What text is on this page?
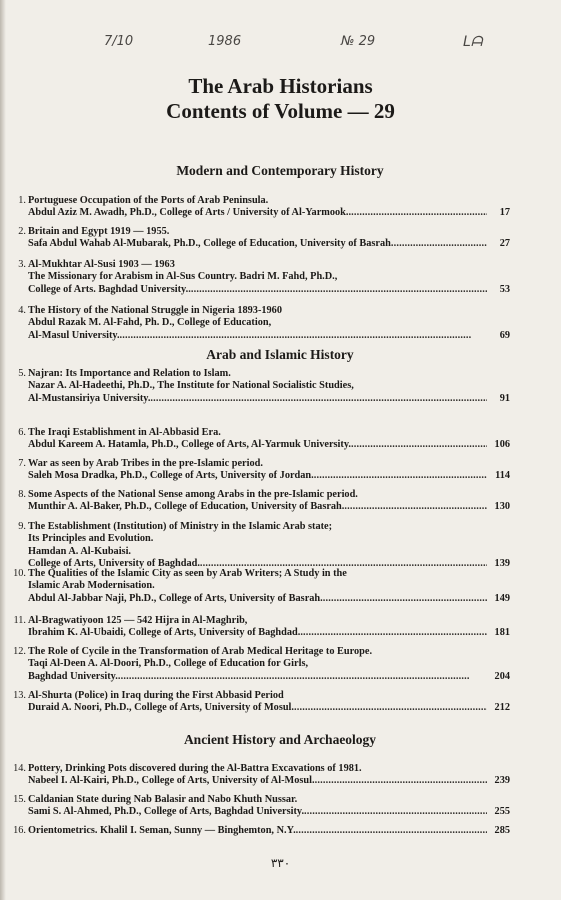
7/10	1986	№ 29	ᒪᗩ
The Arab Historians
Contents of Volume — 29
Modern and Contemporary History
Arab and Islamic History
Ancient History and Archaeology
1. Portuguese Occupation of the Ports of Arab Peninsula.
Abdul Aziz M. Awadh, Ph.D., College of Arts / University of Al-Yarmook. . . .	17
2. Britain and Egypt 1919 — 1955.
Safa Abdul Wahab Al-Mubarak, Ph.D., College of Education, University of Basrah . . .	27
3. Al-Mukhtar Al-Susi 1903 — 1963
The Missionary for Arabism in Al-Sus Country. Badri M. Fahd, Ph.D.,
College of Arts. Baghdad University. . . .	53
4. The History of the National Struggle in Nigeria 1893-1960
Abdul Razak M. Al-Fahd, Ph. D., College of Education,
Al-Masul University. . . .	69
5. Najran: Its Importance and Relation to Islam.
Nazar A. Al-Hadeethi, Ph.D., The Institute for National Socialistic Studies,
Al-Mustansiriya University. . . .	91
6. The Iraqi Establishment in Al-Abbasid Era.
Abdul Kareem A. Hatamla, Ph.D., College of Arts, Al-Yarmuk University. . . .	106
7. War as seen by Arab Tribes in the pre-Islamic period.
Saleh Mosa Dradka, Ph.D., College of Arts, University of Jordan. . . .	114
8. Some Aspects of the National Sense among Arabs in the pre-Islamic period.
Munthir A. Al-Baker, Ph.D., College of Education, University of Basrah. . . .	130
9. The Establishment (Institution) of Ministry in the Islamic Arab state;
Its Principles and Evolution.
Hamdan A. Al-Kubaisi.
College of Arts, University of Baghdad. . . .	139
10. The Qualities of the Islamic City as seen by Arab Writers; A Study in the
Islamic Arab Modernisation.
Abdul Al-Jabbar Naji, Ph.D., College of Arts, University of Basrah. . . .	149
11. Al-Bragwatiyoon 125 — 542 Hijra in Al-Maghrib,
Ibrahim K. Al-Ubaidi, College of Arts, University of Baghdad. . . .	181
12. The Role of Cycile in the Transformation of Arab Medical Heritage to Europe.
Taqi Al-Deen A. Al-Doori, Ph.D., College of Education for Girls,
Baghdad University. . . .	204
13. Al-Shurta (Police) in Iraq during the First Abbasid Period
Duraid A. Noori, Ph.D., College of Arts, University of Mosul. . . .	212
14. Pottery, Drinking Pots discovered during the Al-Battra Excavations of 1981.
Nabeel I. Al-Kairi, Ph.D., College of Arts, University of Al-Mosul. . . .	239
15. Caldanian State during Nab Balasir and Nabo Khuth Nussar.
Sami S. Al-Ahmed, Ph.D., College of Arts, Baghdad University. . . .	255
16. Orientometrics. Khalil I. Seman, Sunny — Binghemton, N.Y. . . .	285
٣٣٠
